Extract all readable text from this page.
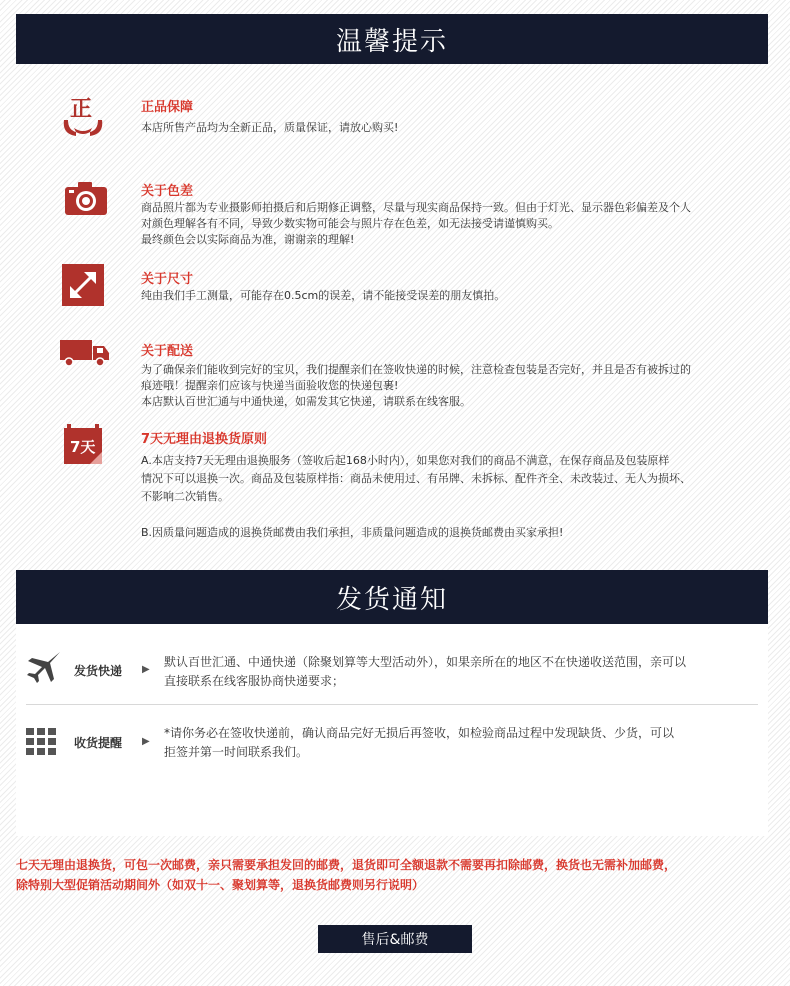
温馨提示
正	正品保障
本店所售产品均为全新正品，质量保证，请放心购买!
关于色差
商品照片都为专业摄影师拍摄后和后期修正调整，尽量与现实商品保持一致。但由于灯光、显示器色彩偏差及个人
对颜色理解各有不同，导致少数实物可能会与照片存在色差，如无法接受请谨慎购买。
最终颜色会以实际商品为准，谢谢亲的理解!
关于尺寸
纯由我们手工测量，可能存在0.5cm的误差，请不能接受误差的朋友慎拍。
关于配送
为了确保亲们能收到完好的宝贝，我们提醒亲们在签收快递的时候，注意检查包装是否完好，并且是否有被拆过的
痕迹哦！提醒亲们应该与快递当面验收您的快递包裹!
本店默认百世汇通与中通快递，如需发其它快递，请联系在线客服。
7天	7天无理由退换货原则
A.本店支持7天无理由退换服务（签收后起168小时内），如果您对我们的商品不满意，在保存商品及包装原样
情况下可以退换一次。商品及包装原样指：商品未使用过、有吊牌、未拆标、配件齐全、未改装过、无人为损坏、
不影响二次销售。
B.因质量问题造成的退换货邮费由我们承担，非质量问题造成的退换货邮费由买家承担!
发货通知
发货快递 ▶
默认百世汇通、中通快递（除聚划算等大型活动外），如果亲所在的地区不在快递收送范围，亲可以
直接联系在线客服协商快递要求；
收货提醒 ▶
*请你务必在签收快递前，确认商品完好无损后再签收，如检验商品过程中发现缺货、少货，可以
拒签并第一时间联系我们。
七天无理由退换货，可包一次邮费，亲只需要承担发回的邮费，退货即可全额退款不需要再扣除邮费，换货也无需补加邮费，
除特别大型促销活动期间外（如双十一、聚划算等，退换货邮费则另行说明）
售后&邮费
